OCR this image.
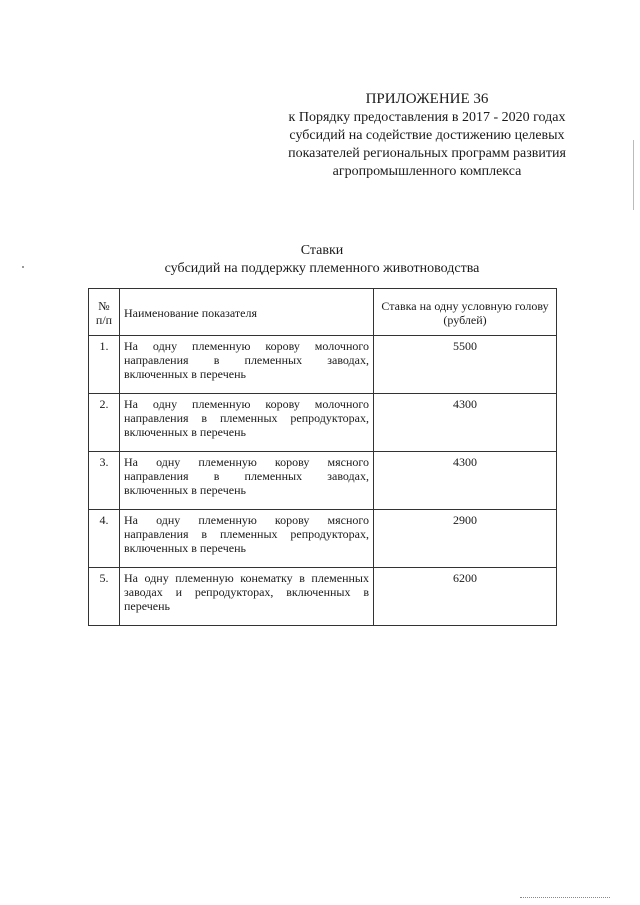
ПРИЛОЖЕНИЕ 36
к Порядку предоставления в 2017 - 2020 годах
субсидий на содействие достижению целевых
показателей региональных программ развития
агропромышленного комплекса
Ставки
субсидий на поддержку племенного животноводства
№ п/п	Наименование показателя	Ставка на одну условную голову (рублей)
1.	На одну племенную корову молочного направления в племенных заводах, включенных в перечень	5500
2.	На одну племенную корову молочного направления в племенных репродукторах, включенных в перечень	4300
3.	На одну племенную корову мясного направления в племенных заводах, включенных в перечень	4300
4.	На одну племенную корову мясного направления в племенных репродукторах, включенных в перечень	2900
5.	На одну племенную конематку в племенных заводах и репродукторах, включенных в перечень	6200
